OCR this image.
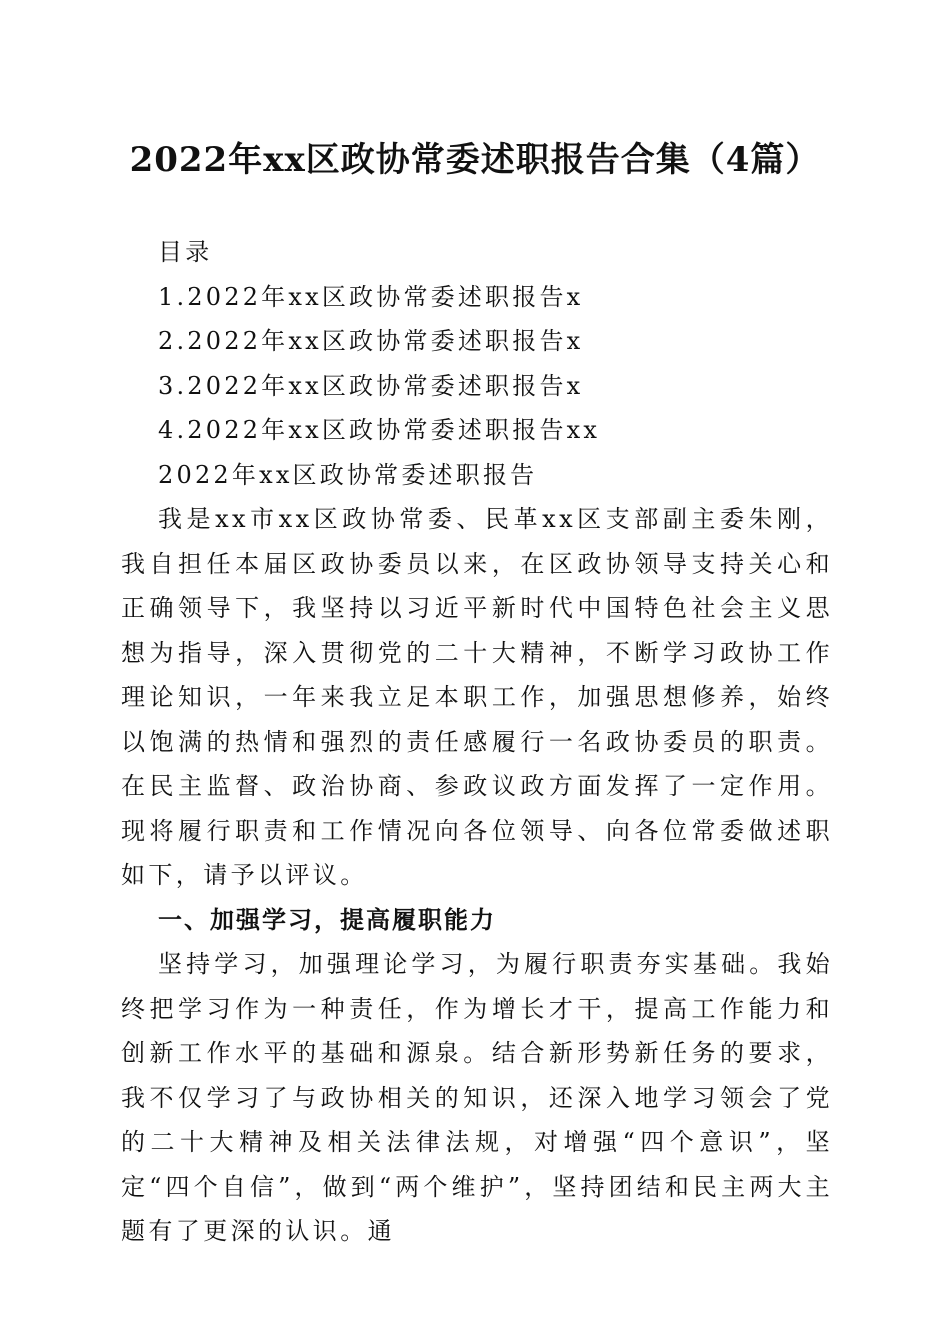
2022年xx区政协常委述职报告合集（4篇）
目录
1.2022年xx区政协常委述职报告x
2.2022年xx区政协常委述职报告x
3.2022年xx区政协常委述职报告x
4.2022年xx区政协常委述职报告xx
2022年xx区政协常委述职报告

我是xx市xx区政协常委、民革xx区支部副主委朱刚，我自担任本届区政协委员以来，在区政协领导支持关心和正确领导下，我坚持以习近平新时代中国特色社会主义思想为指导，深入贯彻党的二十大精神，不断学习政协工作理论知识，一年来我立足本职工作，加强思想修养，始终以饱满的热情和强烈的责任感履行一名政协委员的职责。在民主监督、政治协商、参政议政方面发挥了一定作用。现将履行职责和工作情况向各位领导、向各位常委做述职如下，请予以评议。

一、加强学习，提高履职能力

坚持学习，加强理论学习，为履行职责夯实基础。我始终把学习作为一种责任，作为增长才干，提高工作能力和创新工作水平的基础和源泉。结合新形势新任务的要求，我不仅学习了与政协相关的知识，还深入地学习领会了党的二十大精神及相关法律法规，对增强“四个意识”，坚定“四个自信”，做到“两个维护”，坚持团结和民主两大主题有了更深的认识。通
